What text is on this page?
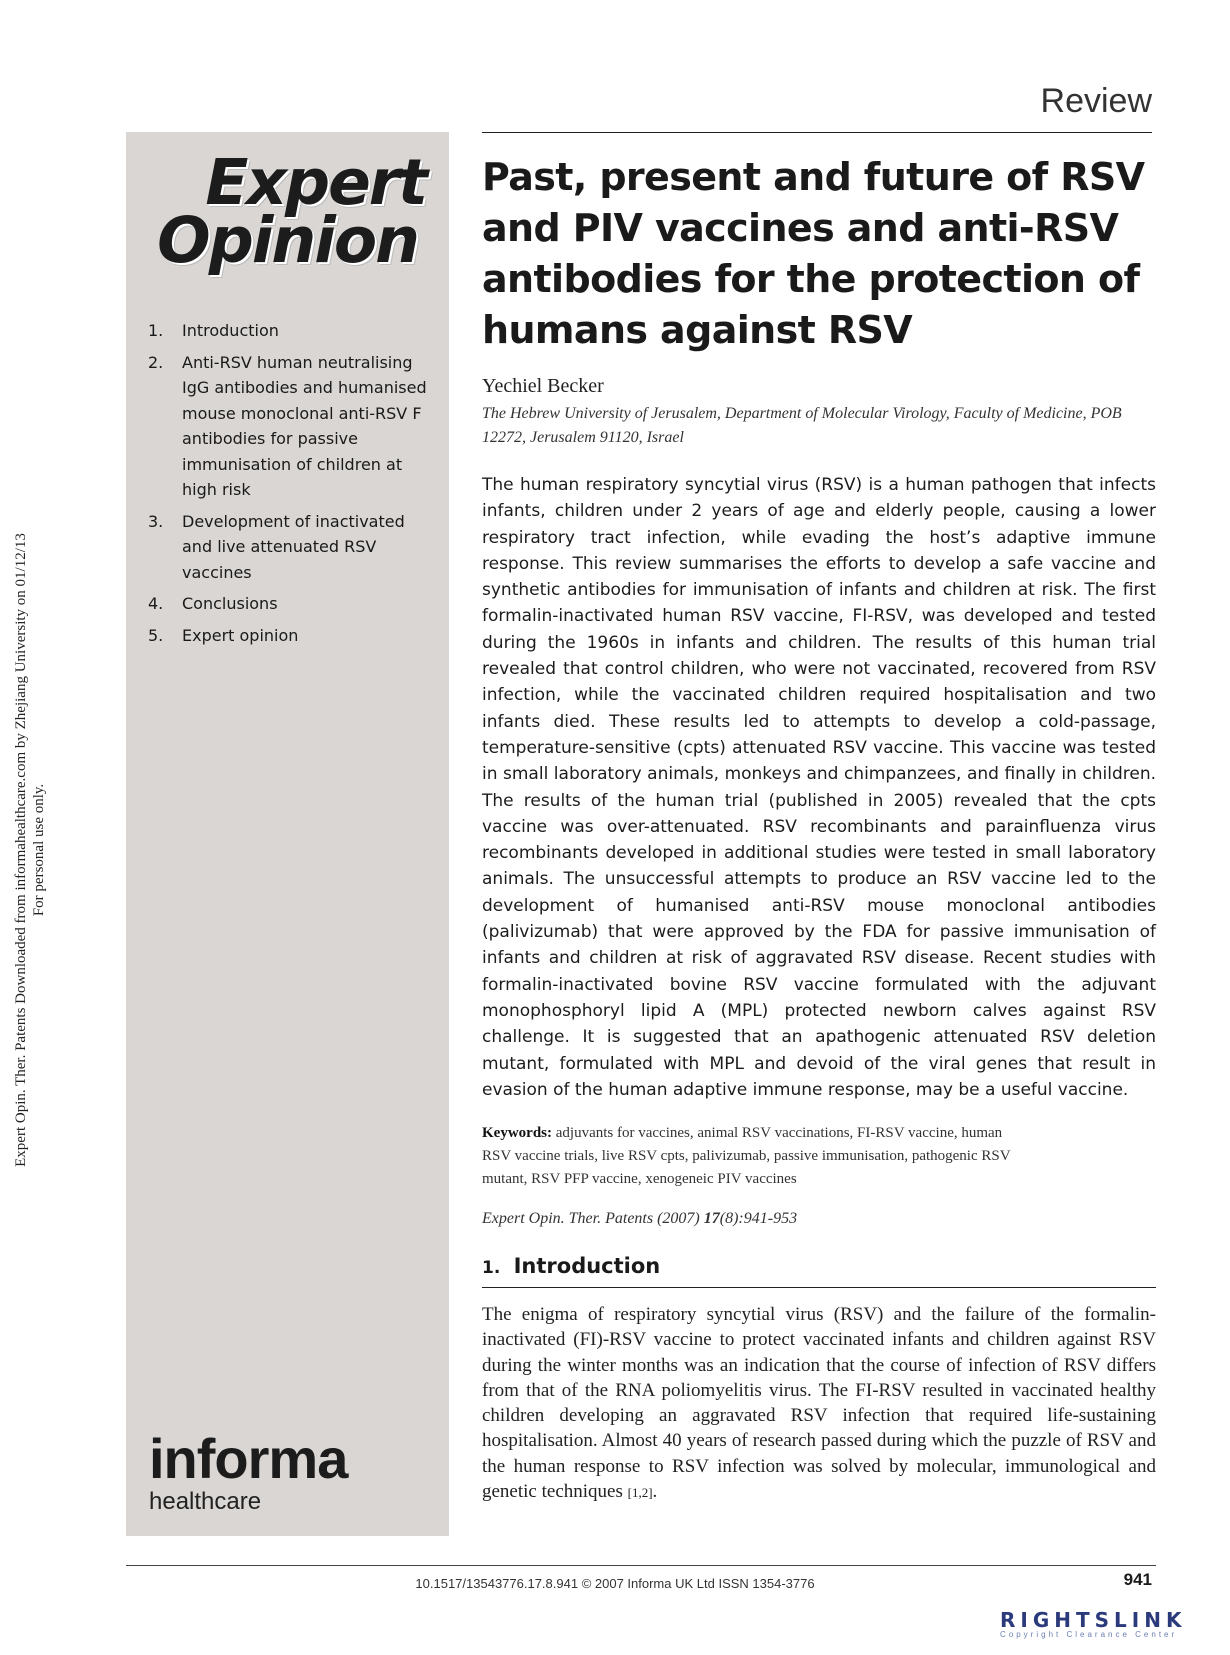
Review
Expert
Opinion
1.	Introduction
2.	Anti-RSV human neutralising IgG antibodies and humanised mouse monoclonal anti-RSV F antibodies for passive immunisation of children at high risk
3.	Development of inactivated and live attenuated RSV vaccines
4.	Conclusions
5.	Expert opinion
informa
healthcare
Past, present and future of RSV and PIV vaccines and anti-RSV antibodies for the protection of humans against RSV
Yechiel Becker
The Hebrew University of Jerusalem, Department of Molecular Virology, Faculty of Medicine, POB 12272, Jerusalem 91120, Israel

The human respiratory syncytial virus (RSV) is a human pathogen that infects infants, children under 2 years of age and elderly people, causing a lower respiratory tract infection, while evading the host’s adaptive immune response. This review summarises the efforts to develop a safe vaccine and synthetic antibodies for immunisation of infants and children at risk. The first formalin-inactivated human RSV vaccine, FI-RSV, was developed and tested during the 1960s in infants and children. The results of this human trial revealed that control children, who were not vaccinated, recovered from RSV infection, while the vaccinated children required hospitalisation and two infants died. These results led to attempts to develop a cold-passage, temperature-sensitive (cpts) attenuated RSV vaccine. This vaccine was tested in small laboratory animals, monkeys and chimpanzees, and finally in children. The results of the human trial (published in 2005) revealed that the cpts vaccine was over-attenuated. RSV recombinants and parainfluenza virus recombinants developed in additional studies were tested in small laboratory animals. The unsuccessful attempts to produce an RSV vaccine led to the development of humanised anti-RSV mouse monoclonal antibodies (palivizumab) that were approved by the FDA for passive immunisation of infants and children at risk of aggravated RSV disease. Recent studies with formalin-inactivated bovine RSV vaccine formulated with the adjuvant monophosphoryl lipid A (MPL) protected newborn calves against RSV challenge. It is suggested that an apathogenic attenuated RSV deletion mutant, formulated with MPL and devoid of the viral genes that result in evasion of the human adaptive immune response, may be a useful vaccine.

Keywords: adjuvants for vaccines, animal RSV vaccinations, FI-RSV vaccine, human RSV vaccine trials, live RSV cpts, palivizumab, passive immunisation, pathogenic RSV mutant, RSV PFP vaccine, xenogeneic PIV vaccines

Expert Opin. Ther. Patents (2007) 17(8):941-953
1. Introduction

The enigma of respiratory syncytial virus (RSV) and the failure of the formalin-inactivated (FI)-RSV vaccine to protect vaccinated infants and children against RSV during the winter months was an indication that the course of infection of RSV differs from that of the RNA poliomyelitis virus. The FI-RSV resulted in vaccinated healthy children developing an aggravated RSV infection that required life-sustaining hospitalisation. Almost 40 years of research passed during which the puzzle of RSV and the human response to RSV infection was solved by molecular, immunological and genetic techniques [1,2].

Expert Opin. Ther. Patents Downloaded from informahealthcare.com by Zhejiang University on 01/12/13 For personal use only.
10.1517/13543776.17.8.941 © 2007 Informa UK Ltd ISSN 1354-3776	941
RIGHTSLINK
Copyright Clearance Center
